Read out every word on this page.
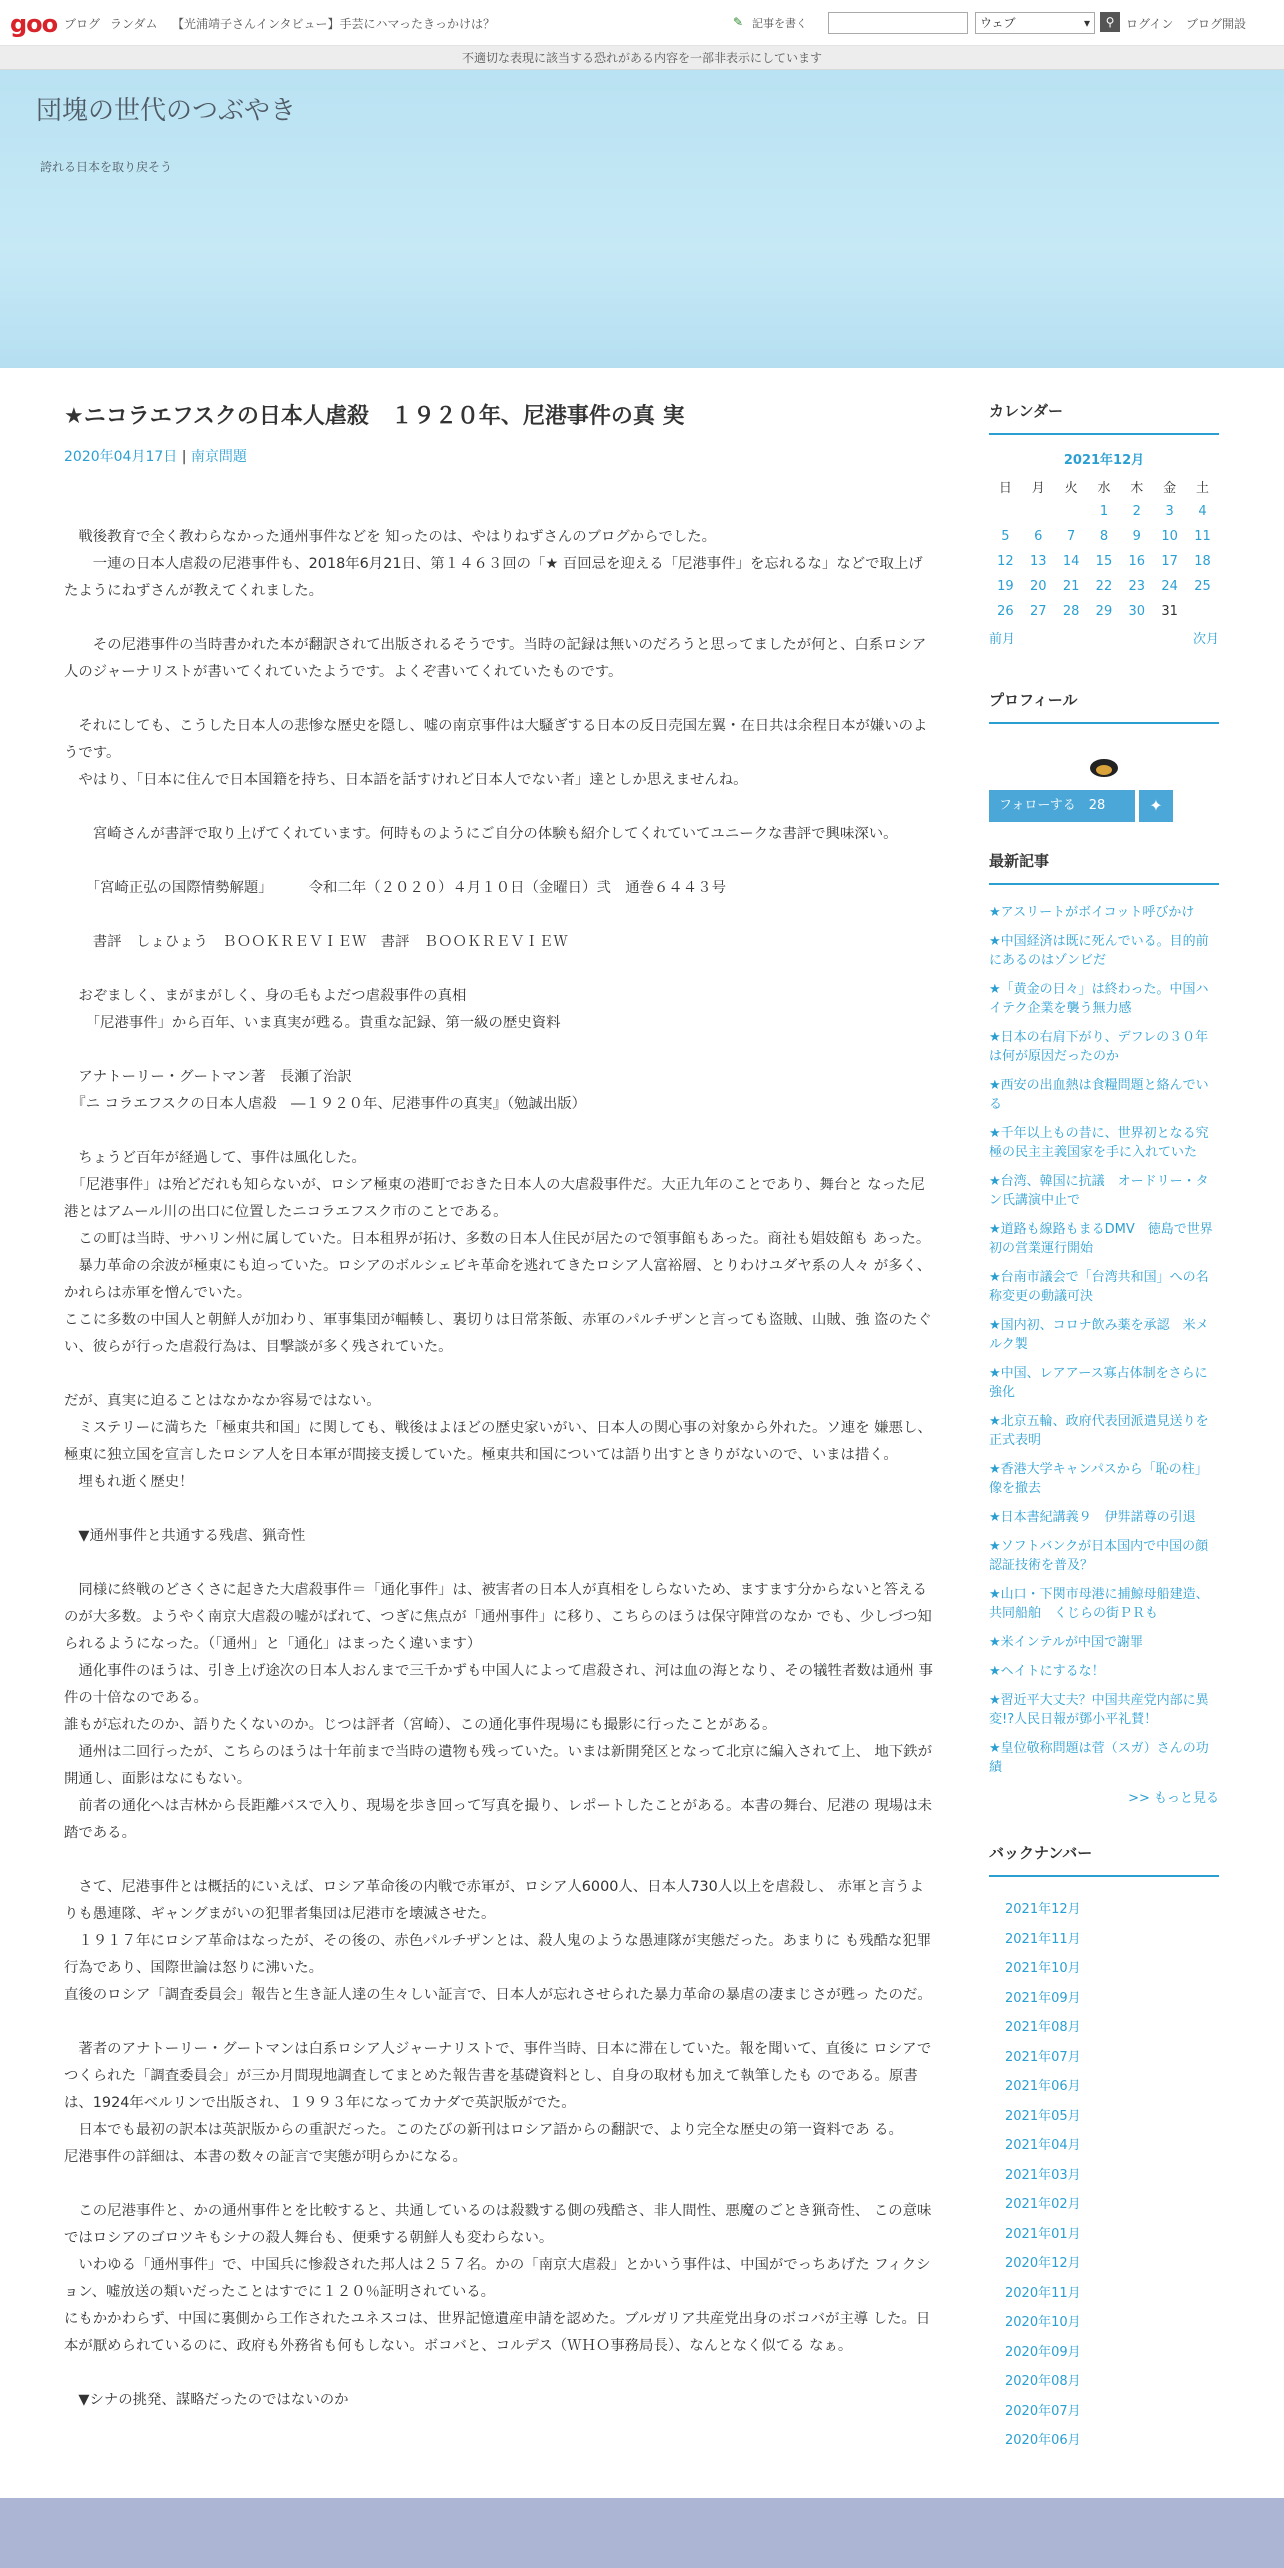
goo ブログ ランダム 【光浦靖子さんインタビュー】手芸にハマったきっかけは？	✎ 記事を書く	ウェブ	▾	⚲ ログイン ブログ開設
不適切な表現に該当する恐れがある内容を一部非表示にしています
団塊の世代のつぶやき
誇れる日本を取り戻そう
★ニコラエフスクの日本人虐殺　１９２０年、尼港事件の真 実
2020年04月17日 | 南京問題

　戦後教育で全く教わらなかった通州事件などを 知ったのは、やはりねずさんのブログからでした。

　　一連の日本人虐殺の尼港事件も、2018年6月21日、第１４６３回の「★ 百回忌を迎える「尼港事件」を忘れるな」などで取上げたようにねずさんが教えてくれました。

　　その尼港事件の当時書かれた本が翻訳されて出版されるそうです。当時の記録は無いのだろうと思ってましたが何と、白系ロシア人のジャーナリストが書いてくれていたようです。よくぞ書いてくれていたものです。

　それにしても、こうした日本人の悲惨な歴史を隠し、嘘の南京事件は大騒ぎする日本の反日売国左翼・在日共は余程日本が嫌いのようです。

　やはり、「日本に住んで日本国籍を持ち、日本語を話すけれど日本人でない者」達としか思えませんね。

　　宮崎さんが書評で取り上げてくれています。何時ものようにご自分の体験も紹介してくれていてユニークな書評で興味深い。

　　「宮崎正弘の国際情勢解題」　　　令和二年（２０２０）４月１０日（金曜日）弐　通巻６４４３号

　　書評　しょひょう　ＢＯＯＫＲＥＶＩＥＷ　書評　ＢＯＯＫＲＥＶＩＥＷ

　おぞましく、まがまがしく、身の毛もよだつ虐殺事件の真相

　　「尼港事件」から百年、いま真実が甦る。貴重な記録、第一級の歴史資料

　アナトーリー・グートマン著　長瀬了治訳

　『ニ コラエフスクの日本人虐殺　―１９２０年、尼港事件の真実』（勉誠出版）

　ちょうど百年が経過して、事件は風化した。

　「尼港事件」は殆どだれも知らないが、ロシア極東の港町でおきた日本人の大虐殺事件だ。大正九年のことであり、舞台と なった尼港とはアムール川の出口に位置したニコラエフスク市のことである。

　この町は当時、サハリン州に属していた。日本租界が拓け、多数の日本人住民が居たので領事館もあった。商社も娼妓館も あった。

　暴力革命の余波が極東にも迫っていた。ロシアのボルシェビキ革命を逃れてきたロシア人富裕層、とりわけユダヤ系の人々 が多く、かれらは赤軍を憎んでいた。

ここに多数の中国人と朝鮮人が加わり、軍事集団が輻輳し、裏切りは日常茶飯、赤軍のパルチザンと言っても盗賊、山賊、強 盗のたぐい、彼らが行った虐殺行為は、目撃談が多く残されていた。

だが、真実に迫ることはなかなか容易ではない。

　ミステリーに満ちた「極東共和国」に関しても、戦後はよほどの歴史家いがい、日本人の関心事の対象から外れた。ソ連を 嫌悪し、極東に独立国を宣言したロシア人を日本軍が間接支援していた。極東共和国については語り出すときりがないので、いまは措く。

　埋もれ逝く歴史！

　▼通州事件と共通する残虐、猟奇性

　同様に終戦のどさくさに起きた大虐殺事件＝「通化事件」は、被害者の日本人が真相をしらないため、ますます分からないと答えるのが大多数。ようやく南京大虐殺の嘘がばれて、つぎに焦点が「通州事件」に移り、こちらのほうは保守陣営のなか でも、少しづつ知られるようになった。（「通州」と「通化」はまったく違います）

　通化事件のほうは、引き上げ途次の日本人おんまで三千かずも中国人によって虐殺され、河は血の海となり、その犠牲者数は通州 事件の十倍なのである。

誰もが忘れたのか、語りたくないのか。じつは評者（宮崎）、この通化事件現場にも撮影に行ったことがある。

　通州は二回行ったが、こちらのほうは十年前まで当時の遺物も残っていた。いまは新開発区となって北京に編入されて上、 地下鉄が開通し、面影はなにもない。

　前者の通化へは吉林から長距離バスで入り、現場を歩き回って写真を撮り、レポートしたことがある。本書の舞台、尼港の 現場は未踏である。

　さて、尼港事件とは概括的にいえば、ロシア革命後の内戦で赤軍が、ロシア人6000人、日本人730人以上を虐殺し、 赤軍と言うよりも愚連隊、ギャングまがいの犯罪者集団は尼港市を壊滅させた。

　１９１７年にロシア革命はなったが、その後の、赤色パルチザンとは、殺人鬼のような愚連隊が実態だった。あまりに も残酷な犯罪行為であり、国際世論は怒りに沸いた。

直後のロシア「調査委員会」報告と生き証人達の生々しい証言で、日本人が忘れさせられた暴力革命の暴虐の凄まじさが甦っ たのだ。

　著者のアナトーリー・グートマンは白系ロシア人ジャーナリストで、事件当時、日本に滞在していた。報を聞いて、直後に ロシアでつくられた「調査委員会」が三か月間現地調査してまとめた報告書を基礎資料とし、自身の取材も加えて執筆したも のである。原書は、1924年ベルリンで出版され、１９９３年になってカナダで英訳版がでた。

　日本でも最初の訳本は英訳版からの重訳だった。このたびの新刊はロシア語からの翻訳で、より完全な歴史の第一資料であ る。

尼港事件の詳細は、本書の数々の証言で実態が明らかになる。

　この尼港事件と、かの通州事件とを比較すると、共通しているのは殺戮する側の残酷さ、非人間性、悪魔のごとき猟奇性、 この意味ではロシアのゴロツキもシナの殺人舞台も、便乗する朝鮮人も変わらない。

　いわゆる「通州事件」で、中国兵に惨殺された邦人は２５７名。かの「南京大虐殺」とかいう事件は、中国がでっちあげた フィクション、嘘放送の類いだったことはすでに１２０％証明されている。

にもかかわらず、中国に裏側から工作されたユネスコは、世界記憶遺産申請を認めた。ブルガリア共産党出身のボコバが主導 した。日本が厭められているのに、政府も外務省も何もしない。ボコバと、コルデス（ＷＨＯ事務局長）、なんとなく似てる なぁ。

　▼シナの挑発、謀略だったのではないのか

カレンダー
2021年12月
日	月	火	水	木	金	土
			1	2	3	4
5	6	7	8	9	10	11
12	13	14	15	16	17	18
19	20	21	22	23	24	25
26	27	28	29	30	31	
前月	次月
プロフィール
フォローする　 28	✦
最新記事
★アスリートがボイコット呼びかけ
★中国経済は既に死んでいる。目的前にあるのはゾンビだ
★「黄金の日々」は終わった。中国ハイテク企業を襲う無力感
★日本の右肩下がり、デフレの３０年は何が原因だったのか
★西安の出血熱は食糧問題と絡んでいる
★千年以上もの昔に、世界初となる究極の民主主義国家を手に入れていた
★台湾、韓国に抗議　オードリー・タン氏講演中止で
★道路も線路もまるDMV　徳島で世界初の営業運行開始
★台南市議会で「台湾共和国」への名称変更の動議可決
★国内初、コロナ飲み薬を承認　米メルク製
★中国、レアアース寡占体制をさらに強化
★北京五輪、政府代表団派遣見送りを正式表明
★香港大学キャンパスから「恥の柱」像を撤去
★日本書紀講義９　伊弉諾尊の引退
★ソフトバンクが日本国内で中国の顔認証技術を普及？
★山口・下関市母港に捕鯨母船建造、共同船舶　くじらの街ＰＲも
★米インテルが中国で謝罪
★ヘイトにするな！
★習近平大丈夫？中国共産党内部に異変!?人民日報が鄧小平礼賛！
★皇位敬称問題は菅（スガ）さんの功績
>> もっと見る
バックナンバー
2021年12月
2021年11月
2021年10月
2021年09月
2021年08月
2021年07月
2021年06月
2021年05月
2021年04月
2021年03月
2021年02月
2021年01月
2020年12月
2020年11月
2020年10月
2020年09月
2020年08月
2020年07月
2020年06月
